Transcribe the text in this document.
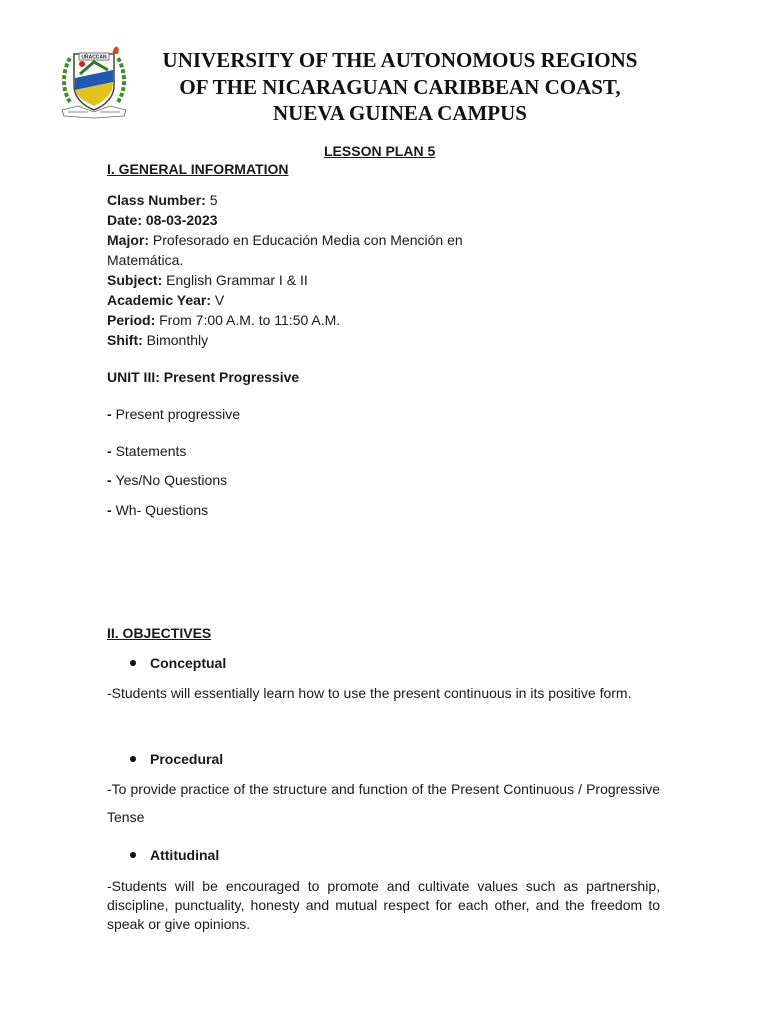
URACCAN	UNIVERSITY OF THE AUTONOMOUS REGIONS
OF THE NICARAGUAN CARIBBEAN COAST,
NUEVA GUINEA CAMPUS
LESSON PLAN 5
I. GENERAL INFORMATION
Class Number: 5
Date: 08-03-2023
Major: Profesorado en Educación Media con Mención en Matemática.
Subject: English Grammar I & II
Academic Year: V
Period: From 7:00 A.M. to 11:50 A.M.
Shift: Bimonthly
UNIT III: Present Progressive
- Present progressive
- Statements
- Yes/No Questions
- Wh- Questions
II. OBJECTIVES
Conceptual
-Students will essentially learn how to use the present continuous in its positive form.
Procedural
-To provide practice of the structure and function of the Present Continuous / Progressive Tense
Attitudinal
-Students will be encouraged to promote and cultivate values such as partnership, discipline, punctuality, honesty and mutual respect for each other, and the freedom to speak or give opinions.
